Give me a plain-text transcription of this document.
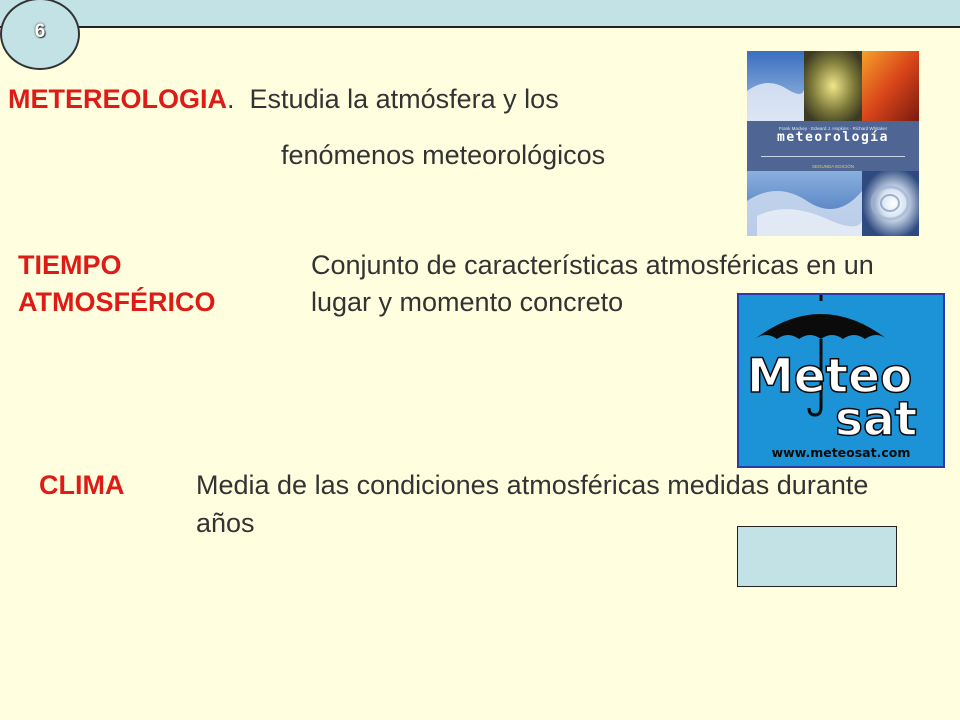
6
METEREOLOGIA. Estudia la atmósfera y los
fenómenos meteorológicos
TIEMPO
ATMOSFÉRICO
Conjunto de características atmosféricas en un
lugar y momento concreto
CLIMA	Media de las condiciones atmosféricas medidas durante
años
Frank Mackey · Edward J. Hopkins · Richard Whitaker
meteorología
SEGUNDA EDICIÓN
Meteo
sat
www.meteosat.com
